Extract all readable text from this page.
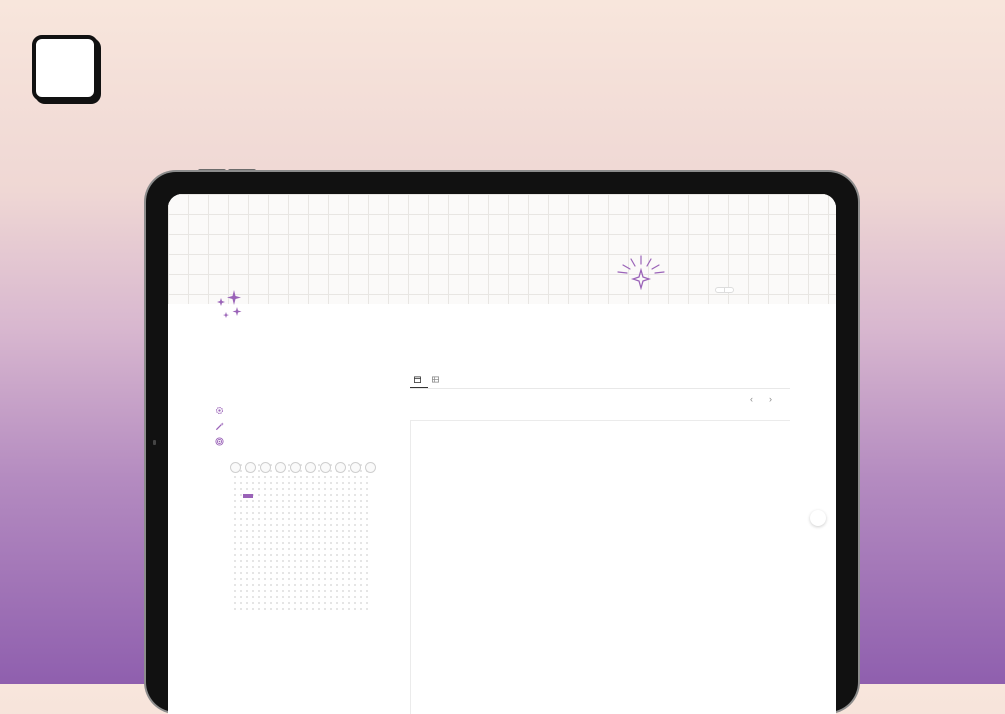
‹ ›
